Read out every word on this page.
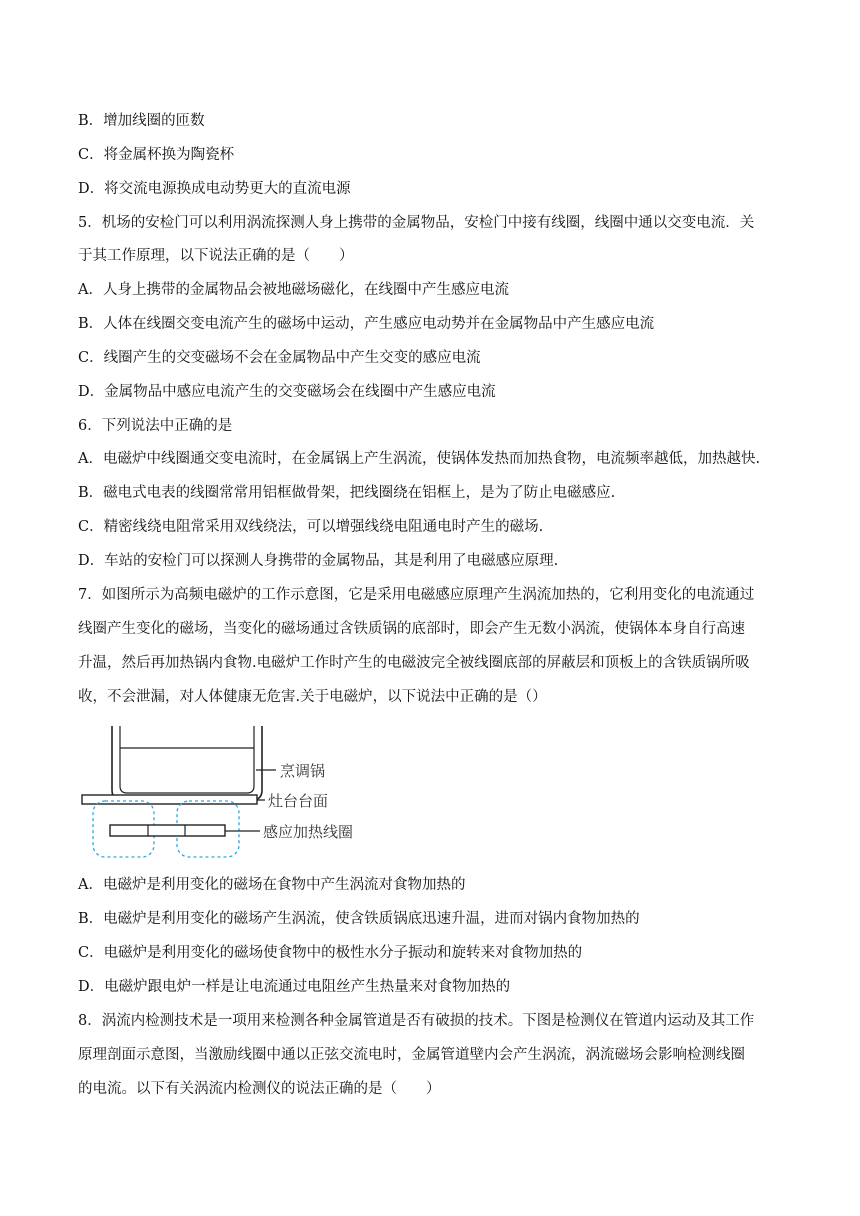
B．增加线圈的匝数
C．将金属杯换为陶瓷杯
D．将交流电源换成电动势更大的直流电源
5．机场的安检门可以利用涡流探测人身上携带的金属物品，安检门中接有线圈，线圈中通以交变电流．关
于其工作原理，以下说法正确的是（　　）
A．人身上携带的金属物品会被地磁场磁化，在线圈中产生感应电流
B．人体在线圈交变电流产生的磁场中运动，产生感应电动势并在金属物品中产生感应电流
C．线圈产生的交变磁场不会在金属物品中产生交变的感应电流
D．金属物品中感应电流产生的交变磁场会在线圈中产生感应电流
6．下列说法中正确的是
A．电磁炉中线圈通交变电流时，在金属锅上产生涡流，使锅体发热而加热食物，电流频率越低，加热越快.
B．磁电式电表的线圈常常用铝框做骨架，把线圈绕在铝框上，是为了防止电磁感应.
C．精密线绕电阻常采用双线绕法，可以增强线绕电阻通电时产生的磁场.
D．车站的安检门可以探测人身携带的金属物品，其是利用了电磁感应原理.
7．如图所示为高频电磁炉的工作示意图，它是采用电磁感应原理产生涡流加热的，它利用变化的电流通过
线圈产生变化的磁场，当变化的磁场通过含铁质锅的底部时，即会产生无数小涡流，使锅体本身自行高速
升温，然后再加热锅内食物.电磁炉工作时产生的电磁波完全被线圈底部的屏蔽层和顶板上的含铁质锅所吸
收，不会泄漏，对人体健康无危害.关于电磁炉，以下说法中正确的是（）
烹调锅
灶台台面
感应加热线圈
A．电磁炉是利用变化的磁场在食物中产生涡流对食物加热的
B．电磁炉是利用变化的磁场产生涡流，使含铁质锅底迅速升温，进而对锅内食物加热的
C．电磁炉是利用变化的磁场使食物中的极性水分子振动和旋转来对食物加热的
D．电磁炉跟电炉一样是让电流通过电阻丝产生热量来对食物加热的
8．涡流内检测技术是一项用来检测各种金属管道是否有破损的技术。下图是检测仪在管道内运动及其工作
原理剖面示意图，当激励线圈中通以正弦交流电时，金属管道壁内会产生涡流，涡流磁场会影响检测线圈
的电流。以下有关涡流内检测仪的说法正确的是（　　）
